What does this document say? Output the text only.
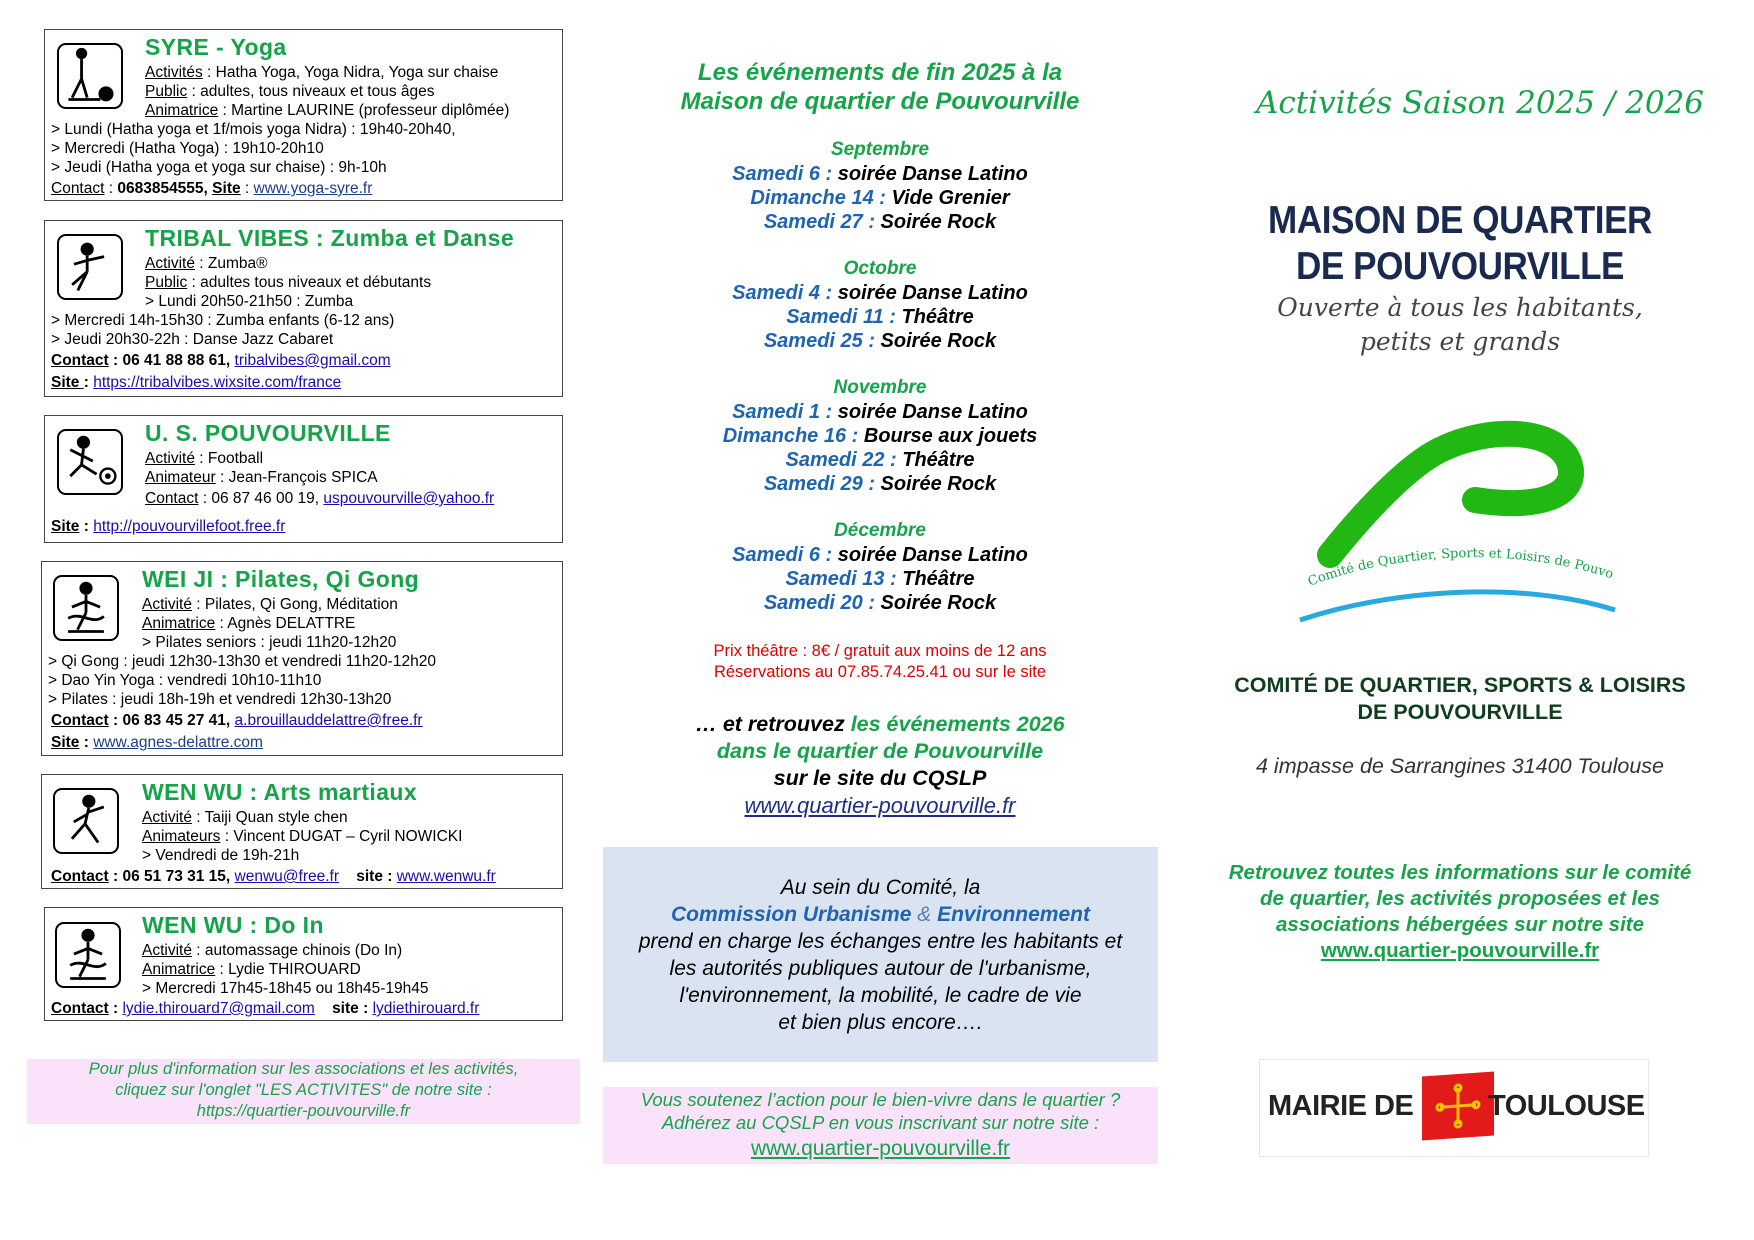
SYRE - Yoga
Activités : Hatha Yoga, Yoga Nidra, Yoga sur chaise
Public : adultes, tous niveaux et tous âges
Animatrice : Martine LAURINE (professeur diplômée)
> Lundi (Hatha yoga et 1f/mois yoga Nidra) : 19h40-20h40,
> Mercredi (Hatha Yoga) : 19h10-20h10
> Jeudi (Hatha yoga et yoga sur chaise) : 9h-10h
Contact : 0683854555, Site : www.yoga-syre.fr
TRIBAL VIBES : Zumba et Danse
Activité : Zumba®
Public : adultes tous niveaux et débutants
> Lundi 20h50-21h50 : Zumba
> Mercredi 14h-15h30 : Zumba enfants (6-12 ans)
> Jeudi 20h30-22h : Danse Jazz Cabaret
Contact : 06 41 88 88 61, tribalvibes@gmail.com
Site : https://tribalvibes.wixsite.com/france
U. S. POUVOURVILLE
Activité : Football
Animateur : Jean-François SPICA
Contact : 06 87 46 00 19, uspouvourville@yahoo.fr
Site : http://pouvourvillefoot.free.fr
WEI JI : Pilates, Qi Gong
Activité : Pilates, Qi Gong, Méditation
Animatrice : Agnès DELATTRE
> Pilates seniors : jeudi 11h20-12h20
> Qi Gong : jeudi 12h30-13h30 et vendredi 11h20-12h20
> Dao Yin Yoga : vendredi 10h10-11h10
> Pilates : jeudi 18h-19h et vendredi 12h30-13h20
Contact : 06 83 45 27 41, a.brouillauddelattre@free.fr
Site : www.agnes-delattre.com
WEN WU : Arts martiaux
Activité : Taiji Quan style chen
Animateurs : Vincent DUGAT – Cyril NOWICKI
> Vendredi de 19h-21h
Contact : 06 51 73 31 15, wenwu@free.fr site : www.wenwu.fr
WEN WU : Do In
Activité : automassage chinois (Do In)
Animatrice : Lydie THIROUARD
> Mercredi 17h45-18h45 ou 18h45-19h45
Contact : lydie.thirouard7@gmail.com site : lydiethirouard.fr
Pour plus d'information sur les associations et les activités,
cliquez sur l'onglet "LES ACTIVITES" de notre site :
https://quartier-pouvourville.fr
Les événements de fin 2025 à la
Maison de quartier de Pouvourville
Septembre
Samedi 6 : soirée Danse Latino
Dimanche 14 : Vide Grenier
Samedi 27 : Soirée Rock
Octobre
Samedi 4 : soirée Danse Latino
Samedi 11 : Théâtre
Samedi 25 : Soirée Rock
Novembre
Samedi 1 : soirée Danse Latino
Dimanche 16 : Bourse aux jouets
Samedi 22 : Théâtre
Samedi 29 : Soirée Rock
Décembre
Samedi 6 : soirée Danse Latino
Samedi 13 : Théâtre
Samedi 20 : Soirée Rock
Prix théâtre : 8€ / gratuit aux moins de 12 ans
Réservations au 07.85.74.25.41 ou sur le site
… et retrouvez les événements 2026
dans le quartier de Pouvourville
sur le site du CQSLP
www.quartier-pouvourville.fr
Au sein du Comité, la
Commission Urbanisme & Environnement
prend en charge les échanges entre les habitants et
les autorités publiques autour de l'urbanisme,
l'environnement, la mobilité, le cadre de vie
et bien plus encore….
Vous soutenez l’action pour le bien-vivre dans le quartier ?
Adhérez au CQSLP en vous inscrivant sur notre site :
www.quartier-pouvourville.fr
Activités Saison 2025 / 2026
MAISON DE QUARTIER
DE POUVOURVILLE
Ouverte à tous les habitants,
petits et grands
Comité de Quartier, Sports et Loisirs de Pouvo
COMITÉ DE QUARTIER, SPORTS & LOISIRS
DE POUVOURVILLE
4 impasse de Sarrangines 31400 Toulouse
Retrouvez toutes les informations sur le comité
de quartier, les activités proposées et les
associations hébergées sur notre site
www.quartier-pouvourville.fr
MAIRIE DE	TOULOUSE
